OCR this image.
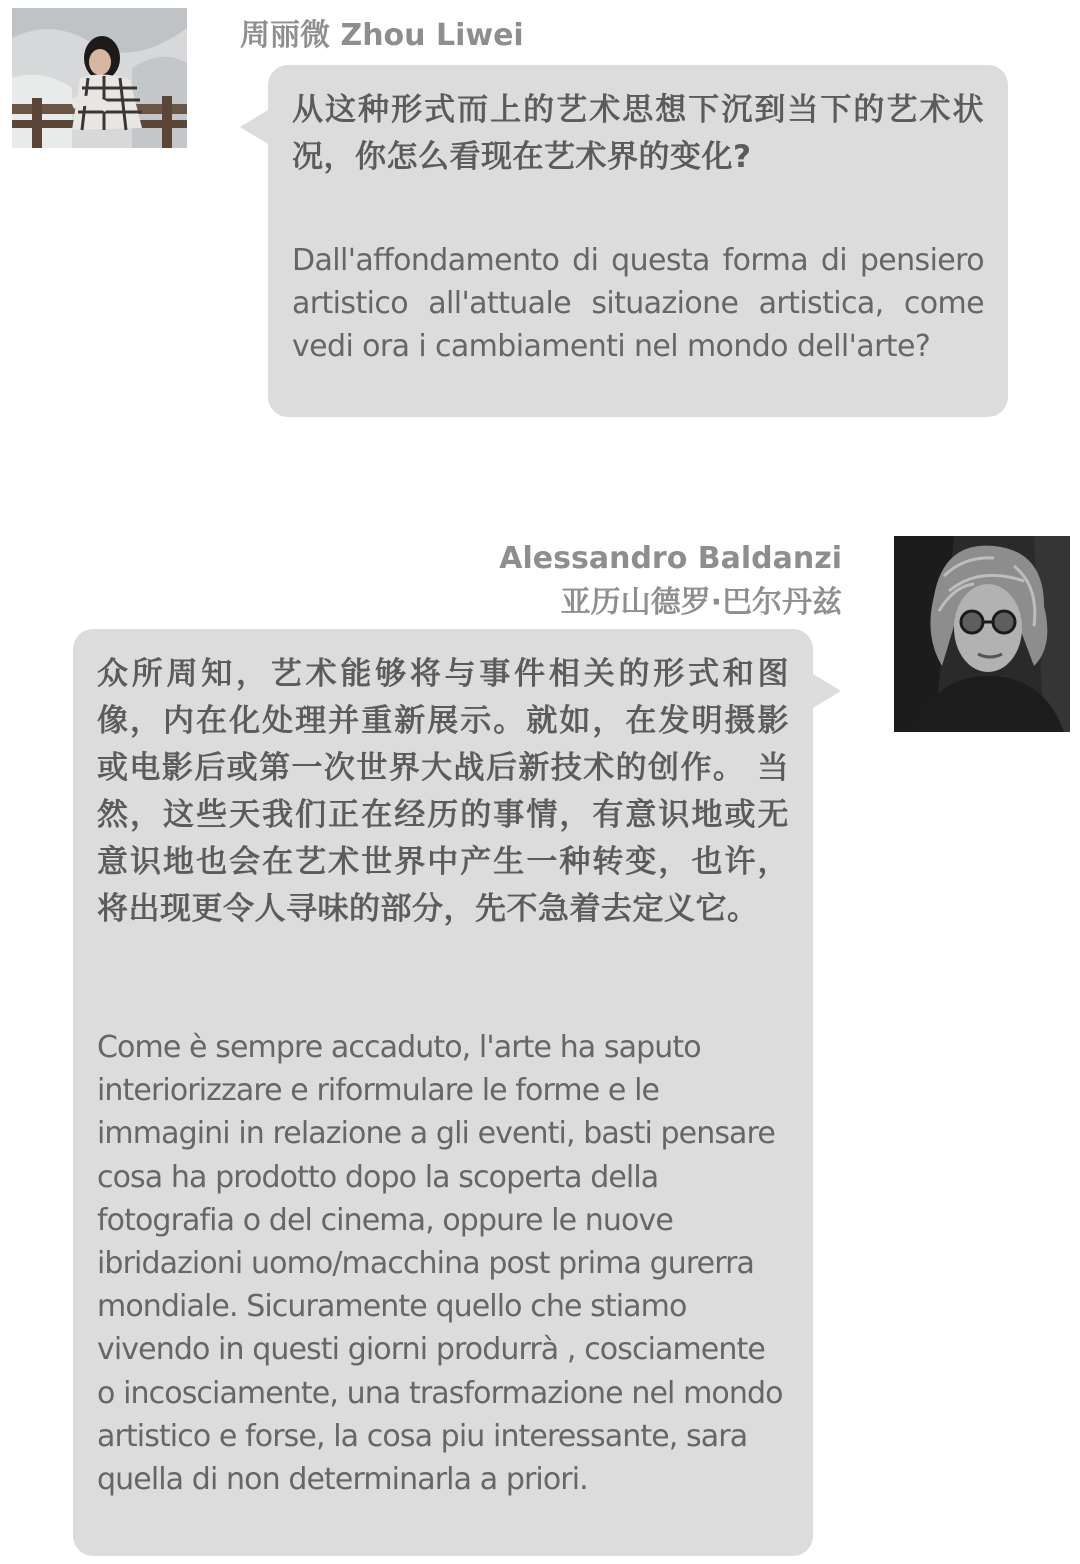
周丽微 Zhou Liwei

从这种形式而上的艺术思想下沉到当下的艺术状况，你怎么看现在艺术界的变化?

Dall'affondamento di questa forma di pensiero artistico all'attuale situazione artistica, come vedi ora i cambiamenti nel mondo dell'arte?

Alessandro Baldanzi
亚历山德罗·巴尔丹兹

众所周知，艺术能够将与事件相关的形式和图像，内在化处理并重新展示。就如，在发明摄影或电影后或第一次世界大战后新技术的创作。 当然，这些天我们正在经历的事情，有意识地或无意识地也会在艺术世界中产生一种转变，也许，将出现更令人寻味的部分，先不急着去定义它。

Come è sempre accaduto, l'arte ha saputo interiorizzare e riformulare le forme e le immagini in relazione a gli eventi, basti pensare cosa ha prodotto dopo la scoperta della fotografia o del cinema, oppure le nuove ibridazioni uomo/macchina post prima gurerra mondiale. Sicuramente quello che stiamo vivendo in questi giorni produrrà , cosciamente o incosciamente, una trasformazione nel mondo artistico e forse, la cosa piu interessante, sara quella di non determinarla a priori.
